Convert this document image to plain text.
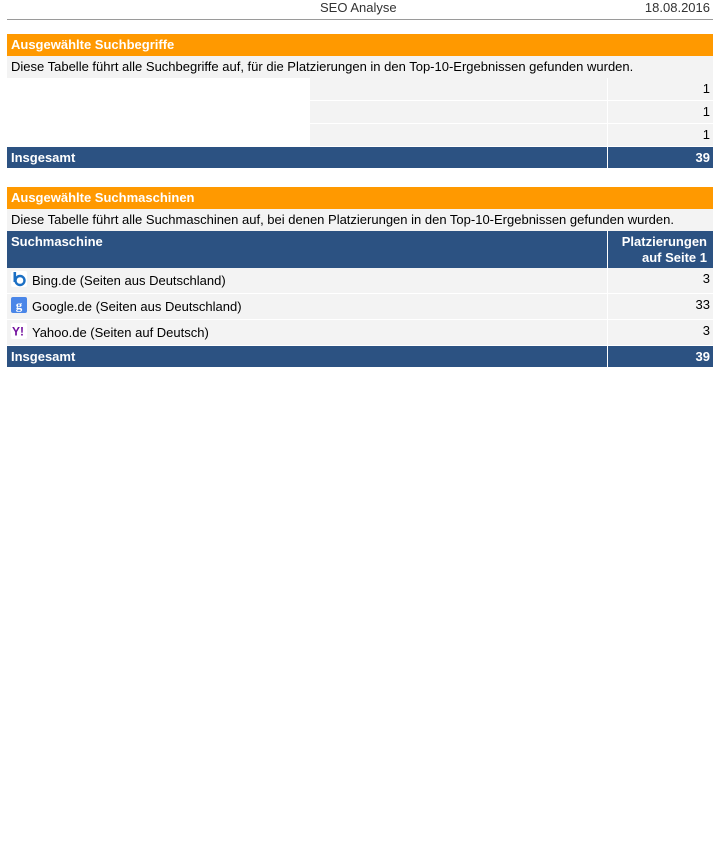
SEO Analyse	18.08.2016
Ausgewählte Suchbegriffe
Diese Tabelle führt alle Suchbegriffe auf, für die Platzierungen in den Top-10-Ergebnissen gefunden wurden.
1
1
1
Insgesamt	39
Ausgewählte Suchmaschinen
Diese Tabelle führt alle Suchmaschinen auf, bei denen Platzierungen in den Top-10-Ergebnissen gefunden wurden.
Suchmaschine	Platzierungen
auf Seite 1
Bing.de (Seiten aus Deutschland)	3
g Google.de (Seiten aus Deutschland)	33
Y! Yahoo.de (Seiten auf Deutsch)	3
Insgesamt	39
